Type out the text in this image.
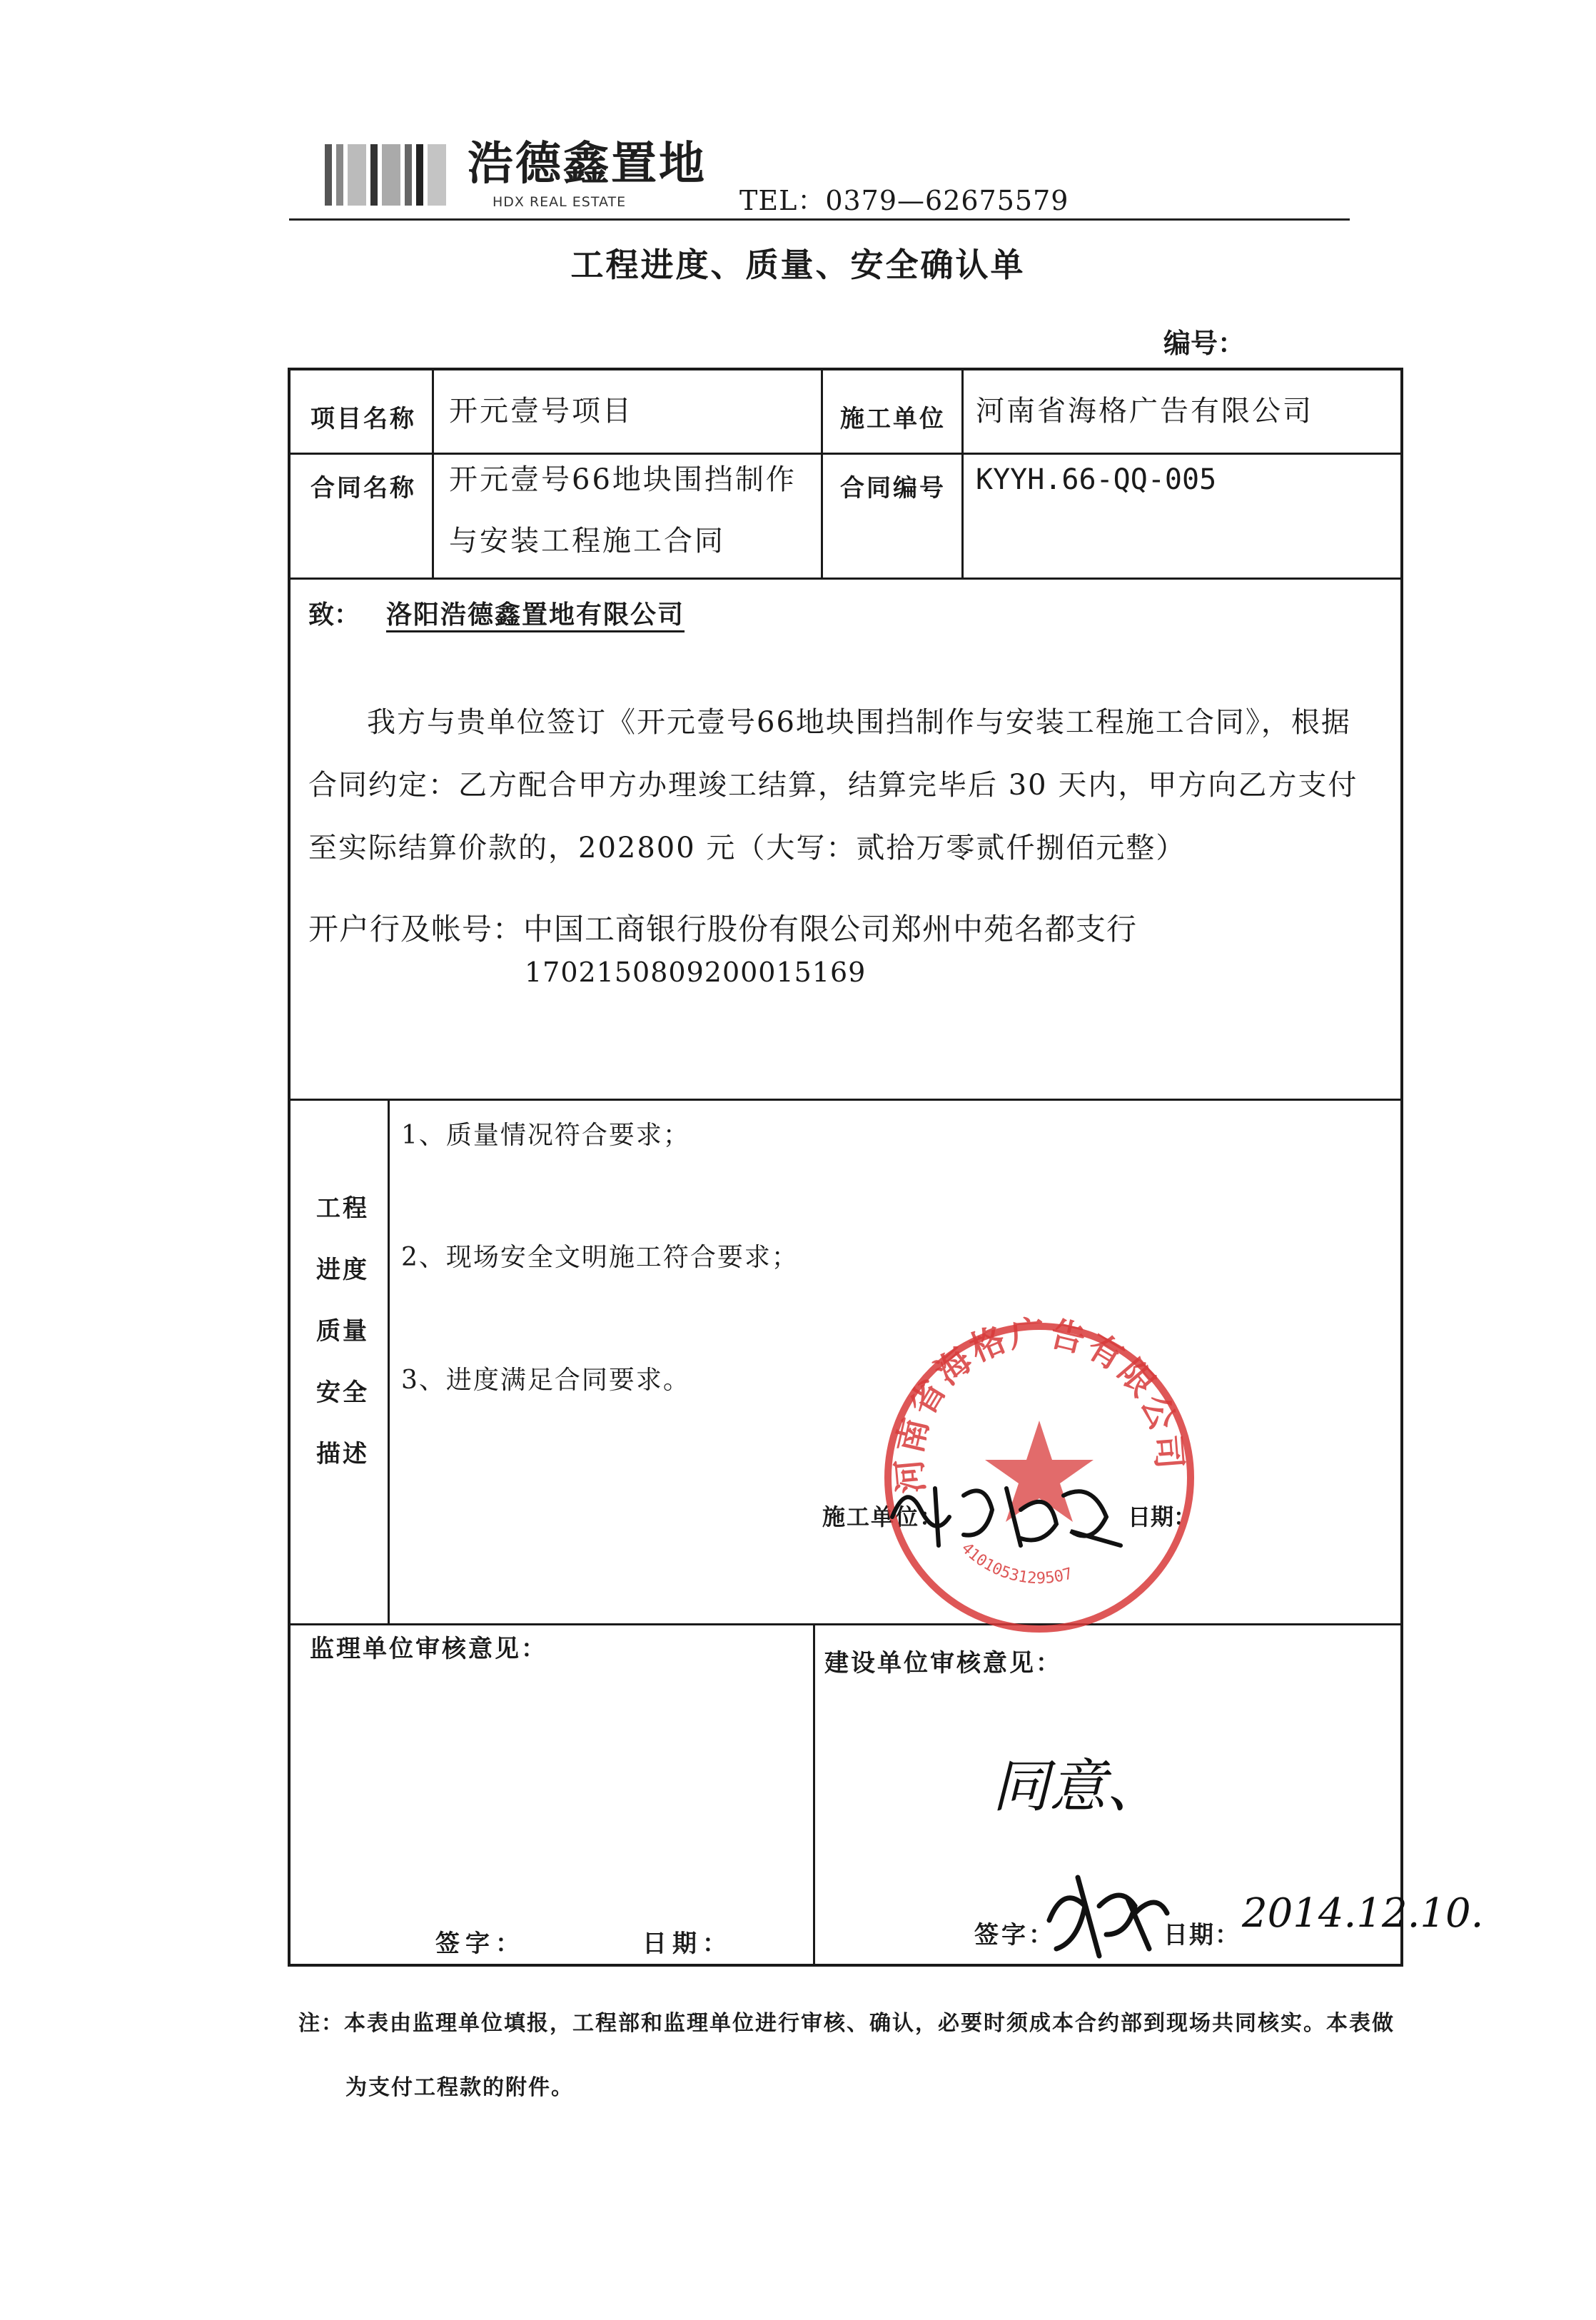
浩德鑫置地
HDX REAL ESTATE	TEL：0379—62675579
工程进度、质量、安全确认单
编号：
项目名称 开元壹号项目	施工单位 河南省海格广告有限公司
合同名称 开元壹号66地块围挡制作
与安装工程施工合同
合同编号 KYYH.66-QQ-005
致：	洛阳浩德鑫置地有限公司
我方与贵单位签订《开元壹号66地块围挡制作与安装工程施工合同》，根据
合同约定：乙方配合甲方办理竣工结算，结算完毕后 30 天内，甲方向乙方支付
至实际结算价款的，202800 元（大写：贰拾万零贰仟捌佰元整）
开户行及帐号：中国工商银行股份有限公司郑州中苑名都支行
1702150809200015169
工程
进度
质量
安全
描述
1、质量情况符合要求；
2、现场安全文明施工符合要求；
3、进度满足合同要求。
施工单位：	日期：
河南省海格广告有限公司
4101053129507
监理单位审核意见：	建设单位审核意见：
同意、
签字：	日期：	签字：	日期： 2014.12.10.
注：本表由监理单位填报，工程部和监理单位进行审核、确认，必要时须成本合约部到现场共同核实。本表做
为支付工程款的附件。
